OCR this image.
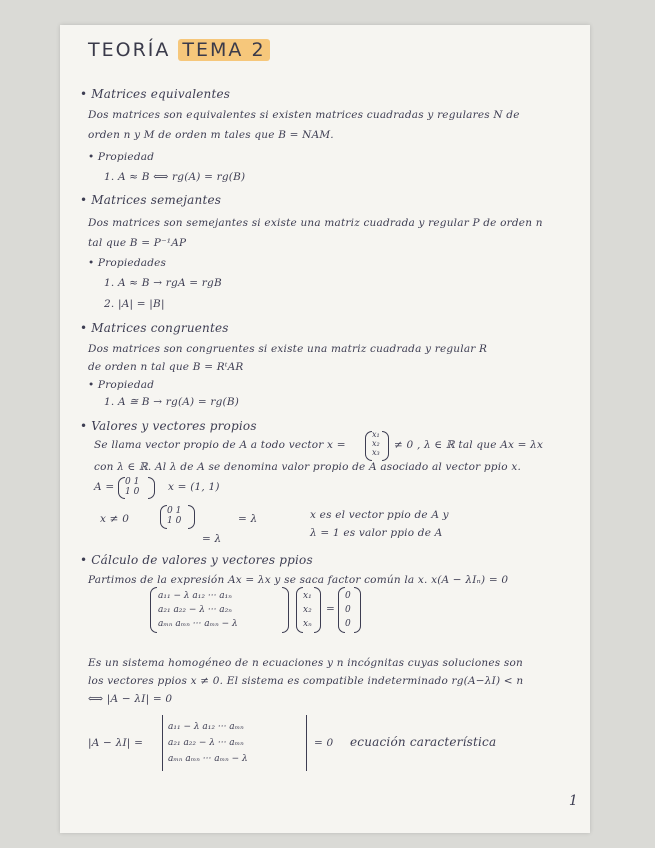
TEORÍA TEMA 2
• Matrices equivalentes
Dos matrices son equivalentes si existen matrices cuadradas y regulares N de
orden n y M de orden m tales que B = NAM.
• Propiedad
1. A ≈ B ⟺ rg(A) = rg(B)
• Matrices semejantes
Dos matrices son semejantes si existe una matriz cuadrada y regular P de orden n
tal que B = P⁻¹AP
• Propiedades
1. A ≈ B → rgA = rgB
2. |A| = |B|
• Matrices congruentes
Dos matrices son congruentes si existe una matriz cuadrada y regular R
de orden n tal que B = RᵗAR
• Propiedad
1. A ≅ B → rg(A) = rg(B)
• Valores y vectores propios
Se llama vector propio de A a todo vector x =
x₁
x₂
x₃
≠ 0 , λ ∈ ℝ tal que Ax = λx
con λ ∈ ℝ. Al λ de A se denomina valor propio de A asociado al vector ppio x.
A = 0 1
1 0	x = (1, 1)
x ≠ 0
0 1
1 0	= λ
= λ
x es el vector ppio de A y
λ = 1 es valor ppio de A
• Cálculo de valores y vectores ppios
Partimos de la expresión Ax = λx y se saca factor común la x. x(A − λIₙ) = 0
a₁₁ − λ a₁₂ ··· a₁ₙ
a₂₁ a₂₂ − λ ··· a₂ₙ
aₘₙ aₘₙ ··· aₘₙ − λ
x₁
x₂
xₙ
=
0
0
0
Es un sistema homogéneo de n ecuaciones y n incógnitas cuyas soluciones son
los vectores ppios x ≠ 0. El sistema es compatible indeterminado rg(A−λI) < n
⟺ |A − λI| = 0
|A − λI| =
a₁₁ − λ a₁₂ ··· aₘₙ
a₂₁ a₂₂ − λ ··· aₘₙ
aₘₙ aₘₙ ··· aₘₙ − λ
= 0 ecuación característica
1
